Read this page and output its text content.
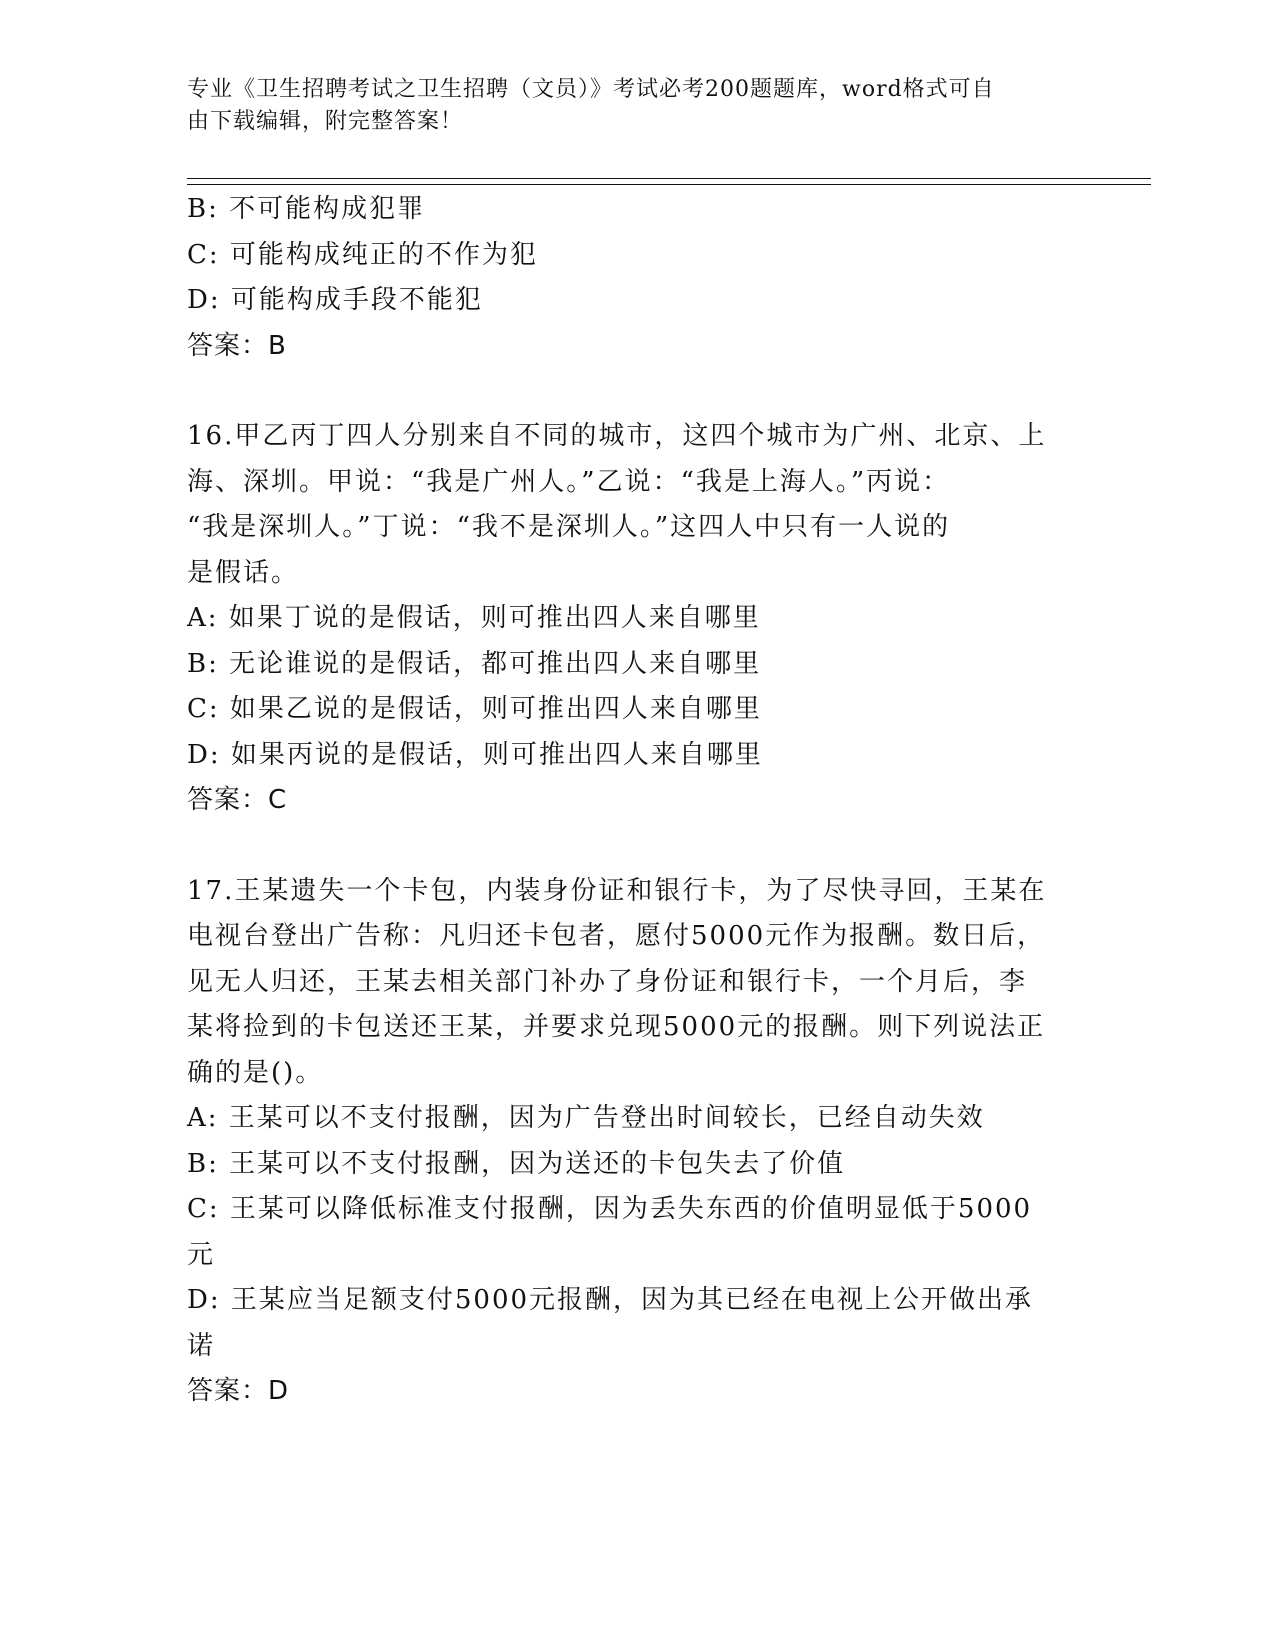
专业《卫生招聘考试之卫生招聘（文员）》考试必考200题题库，word格式可自
由下载编辑，附完整答案！
B: 不可能构成犯罪
C: 可能构成纯正的不作为犯
D: 可能构成手段不能犯
答案：B
16.甲乙丙丁四人分别来自不同的城市，这四个城市为广州、北京、上
海、深圳。甲说：“我是广州人。”乙说：“我是上海人。”丙说：
“我是深圳人。”丁说：“我不是深圳人。”这四人中只有一人说的
是假话。
A: 如果丁说的是假话，则可推出四人来自哪里
B: 无论谁说的是假话，都可推出四人来自哪里
C: 如果乙说的是假话，则可推出四人来自哪里
D: 如果丙说的是假话，则可推出四人来自哪里
答案：C
17.王某遗失一个卡包，内装身份证和银行卡，为了尽快寻回，王某在
电视台登出广告称：凡归还卡包者，愿付5000元作为报酬。数日后，
见无人归还，王某去相关部门补办了身份证和银行卡，一个月后，李
某将捡到的卡包送还王某，并要求兑现5000元的报酬。则下列说法正
确的是()。
A: 王某可以不支付报酬，因为广告登出时间较长，已经自动失效
B: 王某可以不支付报酬，因为送还的卡包失去了价值
C: 王某可以降低标准支付报酬，因为丢失东西的价值明显低于5000
元
D: 王某应当足额支付5000元报酬，因为其已经在电视上公开做出承
诺
答案：D
